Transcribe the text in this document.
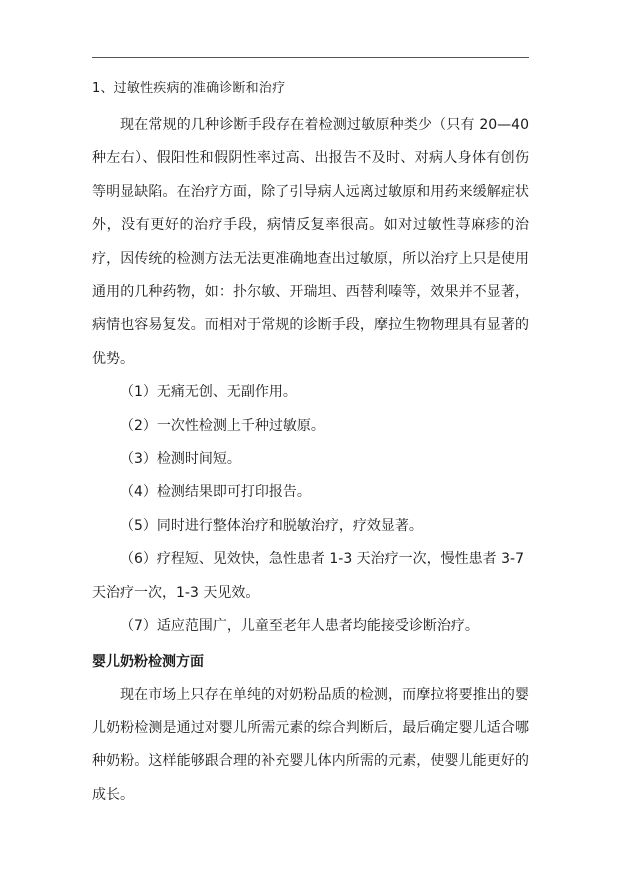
1、过敏性疾病的准确诊断和治疗

现在常规的几种诊断手段存在着检测过敏原种类少（只有 20—40种左右）、假阳性和假阴性率过高、出报告不及时、对病人身体有创伤等明显缺陷。在治疗方面，除了引导病人远离过敏原和用药来缓解症状外，没有更好的治疗手段，病情反复率很高。如对过敏性荨麻疹的治疗，因传统的检测方法无法更准确地查出过敏原，所以治疗上只是使用通用的几种药物，如：扑尔敏、开瑞坦、西替利嗪等，效果并不显著，病情也容易复发。而相对于常规的诊断手段，摩拉生物物理具有显著的优势。

（1）无痛无创、无副作用。
（2）一次性检测上千种过敏原。
（3）检测时间短。
（4）检测结果即可打印报告。
（5）同时进行整体治疗和脱敏治疗，疗效显著。
（6）疗程短、见效快，急性患者 1-3 天治疗一次，慢性患者 3-7 天治疗一次，1-3 天见效。
（7）适应范围广，儿童至老年人患者均能接受诊断治疗。
婴儿奶粉检测方面

现在市场上只存在单纯的对奶粉品质的检测，而摩拉将要推出的婴儿奶粉检测是通过对婴儿所需元素的综合判断后，最后确定婴儿适合哪种奶粉。这样能够跟合理的补充婴儿体内所需的元素，使婴儿能更好的成长。
